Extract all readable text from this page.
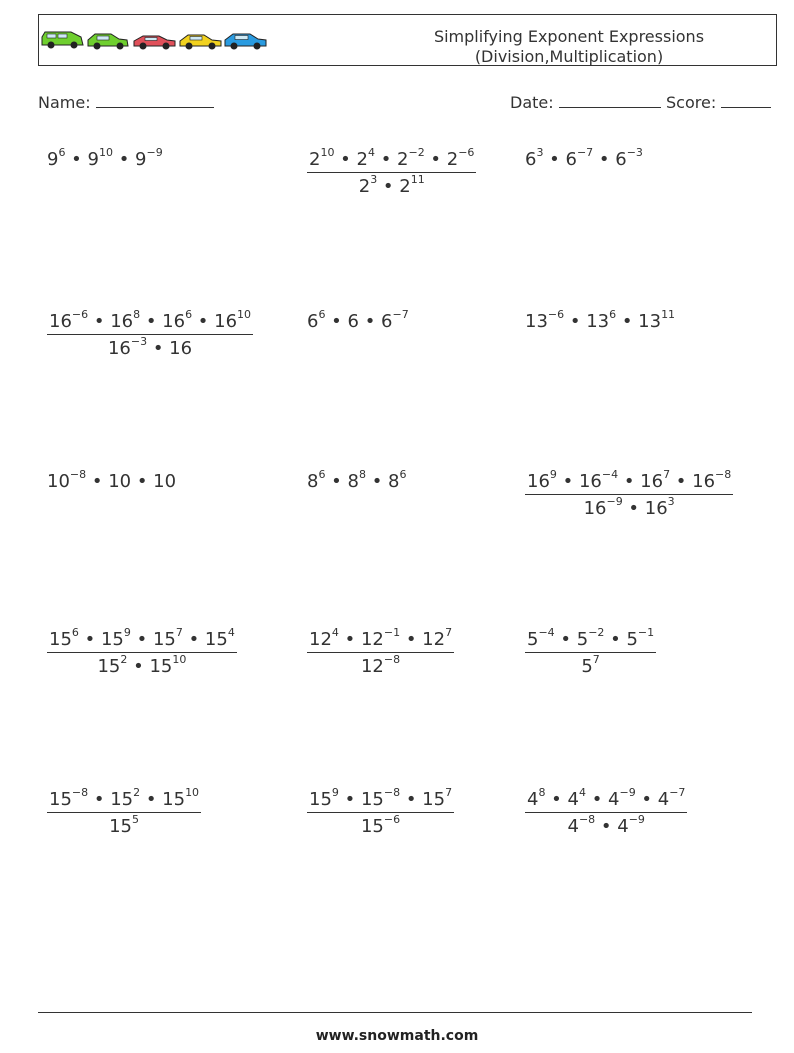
Simplifying Exponent Expressions
(Division,Multiplication)
Name:	Date:	Score:
$9^6$ • $9^{10}$ • $9^{-9}$	$\frac{2^{10} • 2^4 • 2^{-2} • 2^{-6}}{2^3 • 2^{11}}$	$6^3$ • $6^{-7}$ • $6^{-3}$
$\frac{16^{-6} • 16^8 • 16^6 • 16^{10}}{16^{-3} • 16}$	$6^6$ • 6 • $6^{-7}$	$13^{-6}$ • $13^6$ • $13^{11}$
$10^{-8}$ • 10 • 10	$8^6$ • $8^8$ • $8^6$	$\frac{16^9 • 16^{-4} • 16^7 • 16^{-8}}{16^{-9} • 16^3}$
$\frac{15^6 • 15^9 • 15^7 • 15^4}{15^2 • 15^{10}}$	$\frac{12^4 • 12^{-1} • 12^7}{12^{-8}}$	$\frac{5^{-4} • 5^{-2} • 5^{-1}}{5^7}$
$\frac{15^{-8} • 15^2 • 15^{10}}{15^5}$	$\frac{15^9 • 15^{-8} • 15^7}{15^{-6}}$	$\frac{4^8 • 4^4 • 4^{-9} • 4^{-7}}{4^{-8} • 4^{-9}}$
www.snowmath.com
